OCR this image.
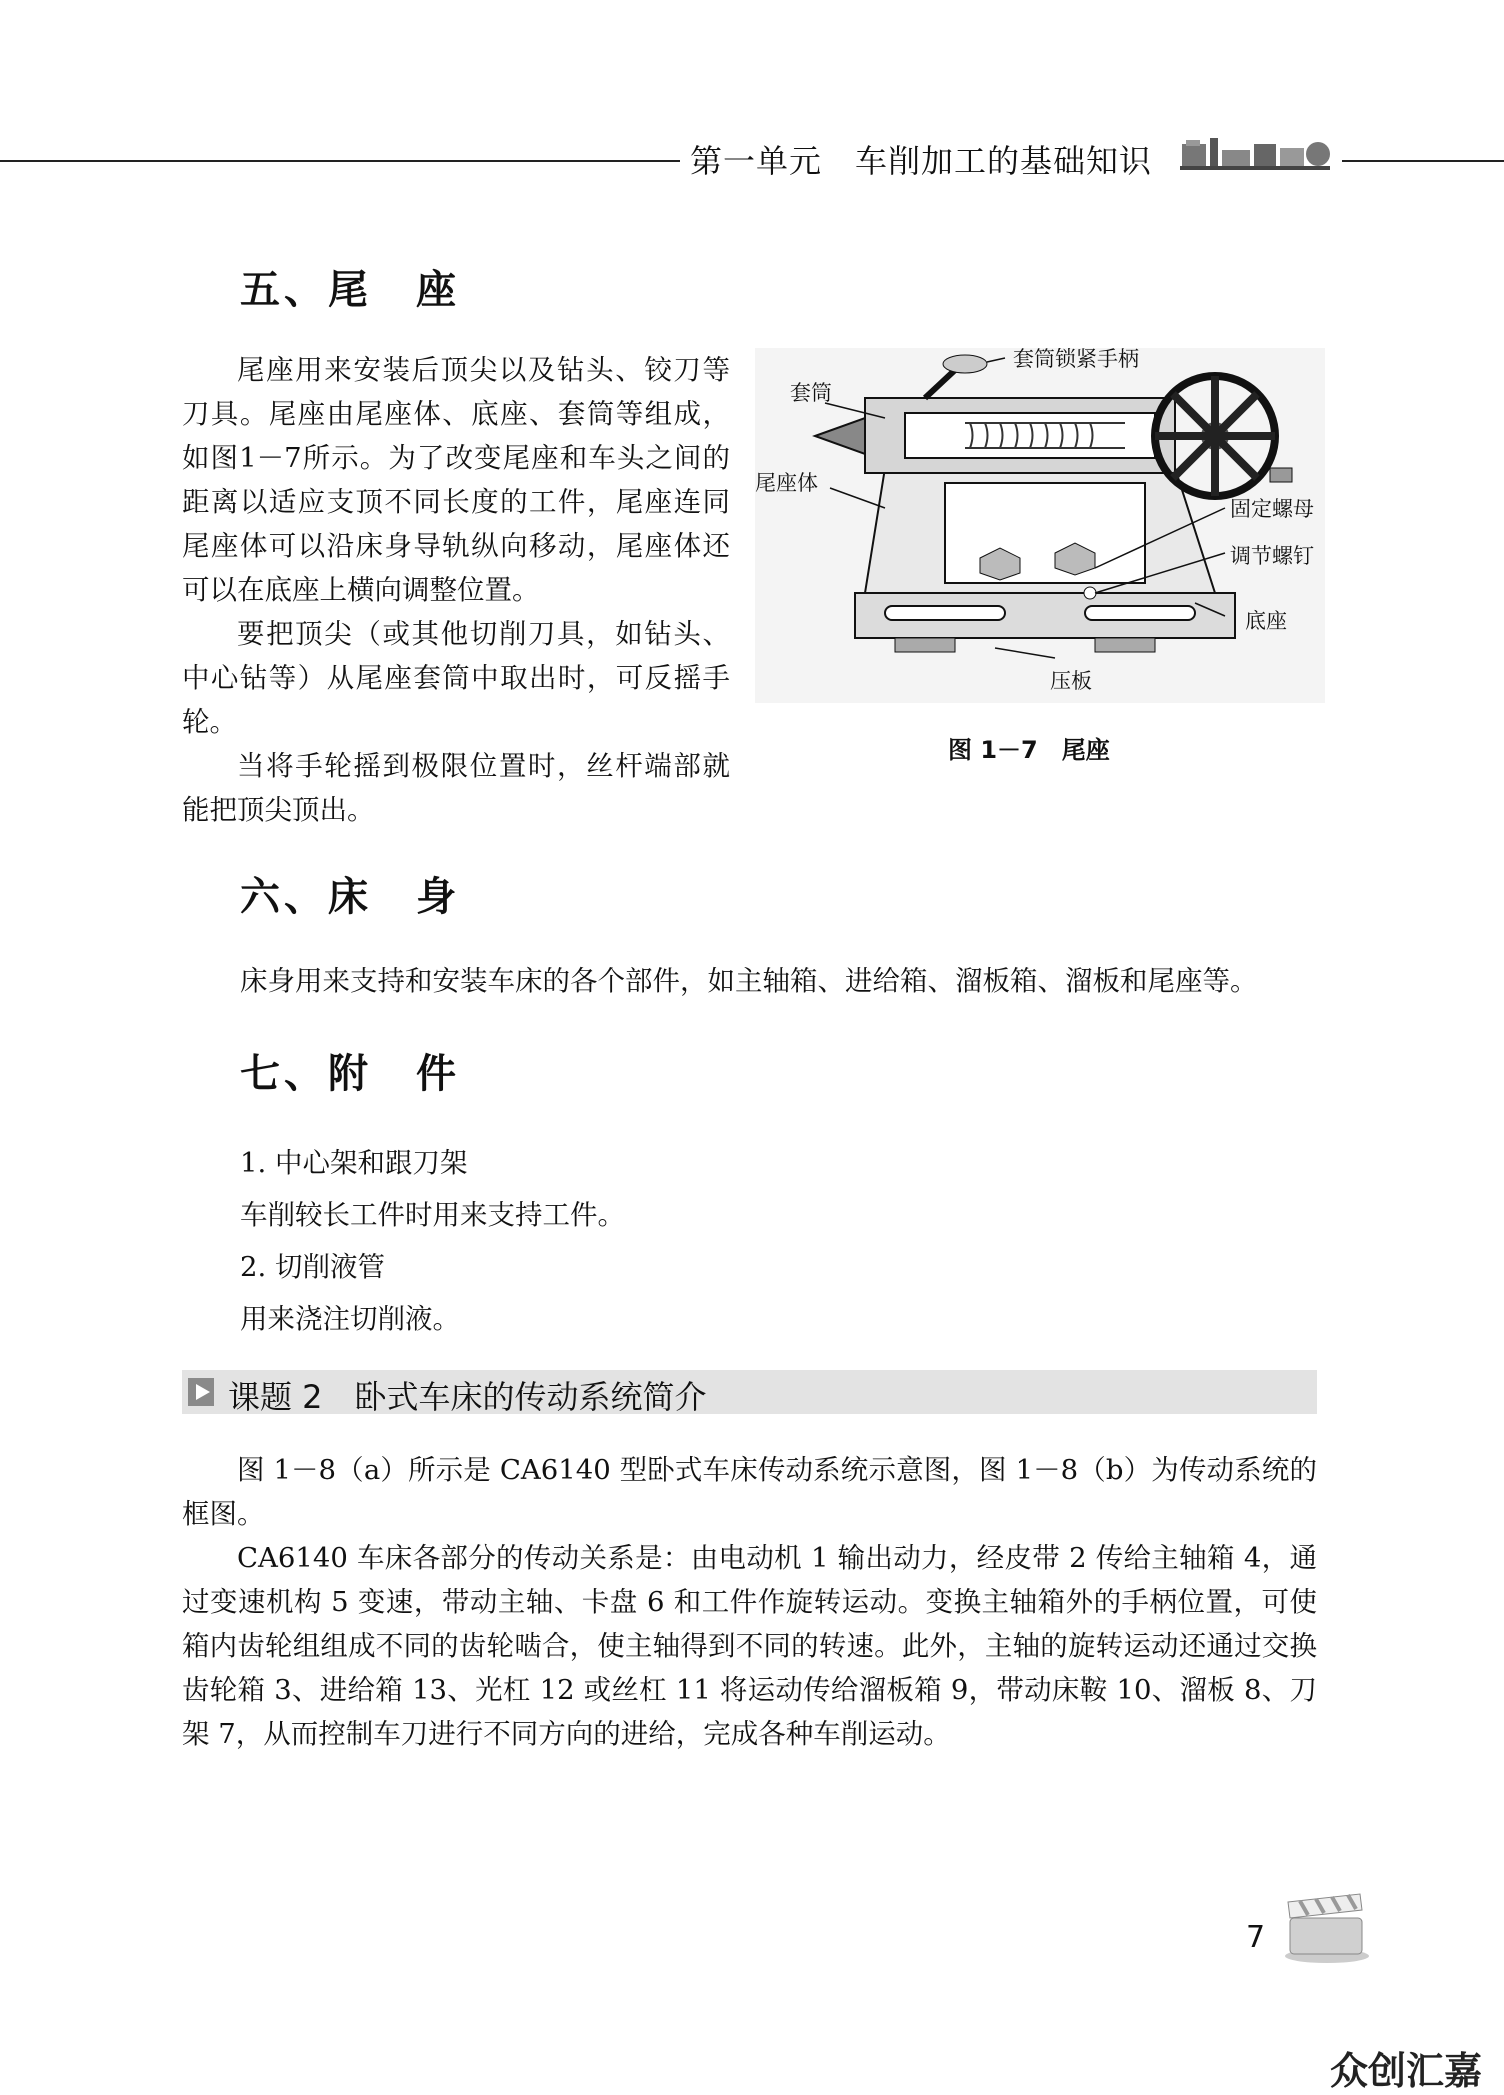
第一单元　车削加工的基础知识
五、尾　座

尾座用来安装后顶尖以及钻头、铰刀等刀具。尾座由尾座体、底座、套筒等组成，如图1－7所示。为了改变尾座和车头之间的距离以适应支顶不同长度的工件，尾座连同尾座体可以沿床身导轨纵向移动，尾座体还可以在底座上横向调整位置。

要把顶尖（或其他切削刀具，如钻头、中心钻等）从尾座套筒中取出时，可反摇手轮。

当将手轮摇到极限位置时，丝杆端部就能把顶尖顶出。

套筒锁紧手柄
套筒
尾座体
固定螺母
调节螺钉
底座
压板
图 1－7　尾座
六、床　身
床身用来支持和安装车床的各个部件，如主轴箱、进给箱、溜板箱、溜板和尾座等。
七、附　件
1. 中心架和跟刀架
车削较长工件时用来支持工件。
2. 切削液管
用来浇注切削液。
课题 2　卧式车床的传动系统简介

图 1－8（a）所示是 CA6140 型卧式车床传动系统示意图，图 1－8（b）为传动系统的框图。

CA6140 车床各部分的传动关系是：由电动机 1 输出动力，经皮带 2 传给主轴箱 4，通过变速机构 5 变速，带动主轴、卡盘 6 和工件作旋转运动。变换主轴箱外的手柄位置，可使箱内齿轮组组成不同的齿轮啮合，使主轴得到不同的转速。此外，主轴的旋转运动还通过交换齿轮箱 3、进给箱 13、光杠 12 或丝杠 11 将运动传给溜板箱 9，带动床鞍 10、溜板 8、刀架 7，从而控制车刀进行不同方向的进给，完成各种车削运动。

7
众创汇嘉
